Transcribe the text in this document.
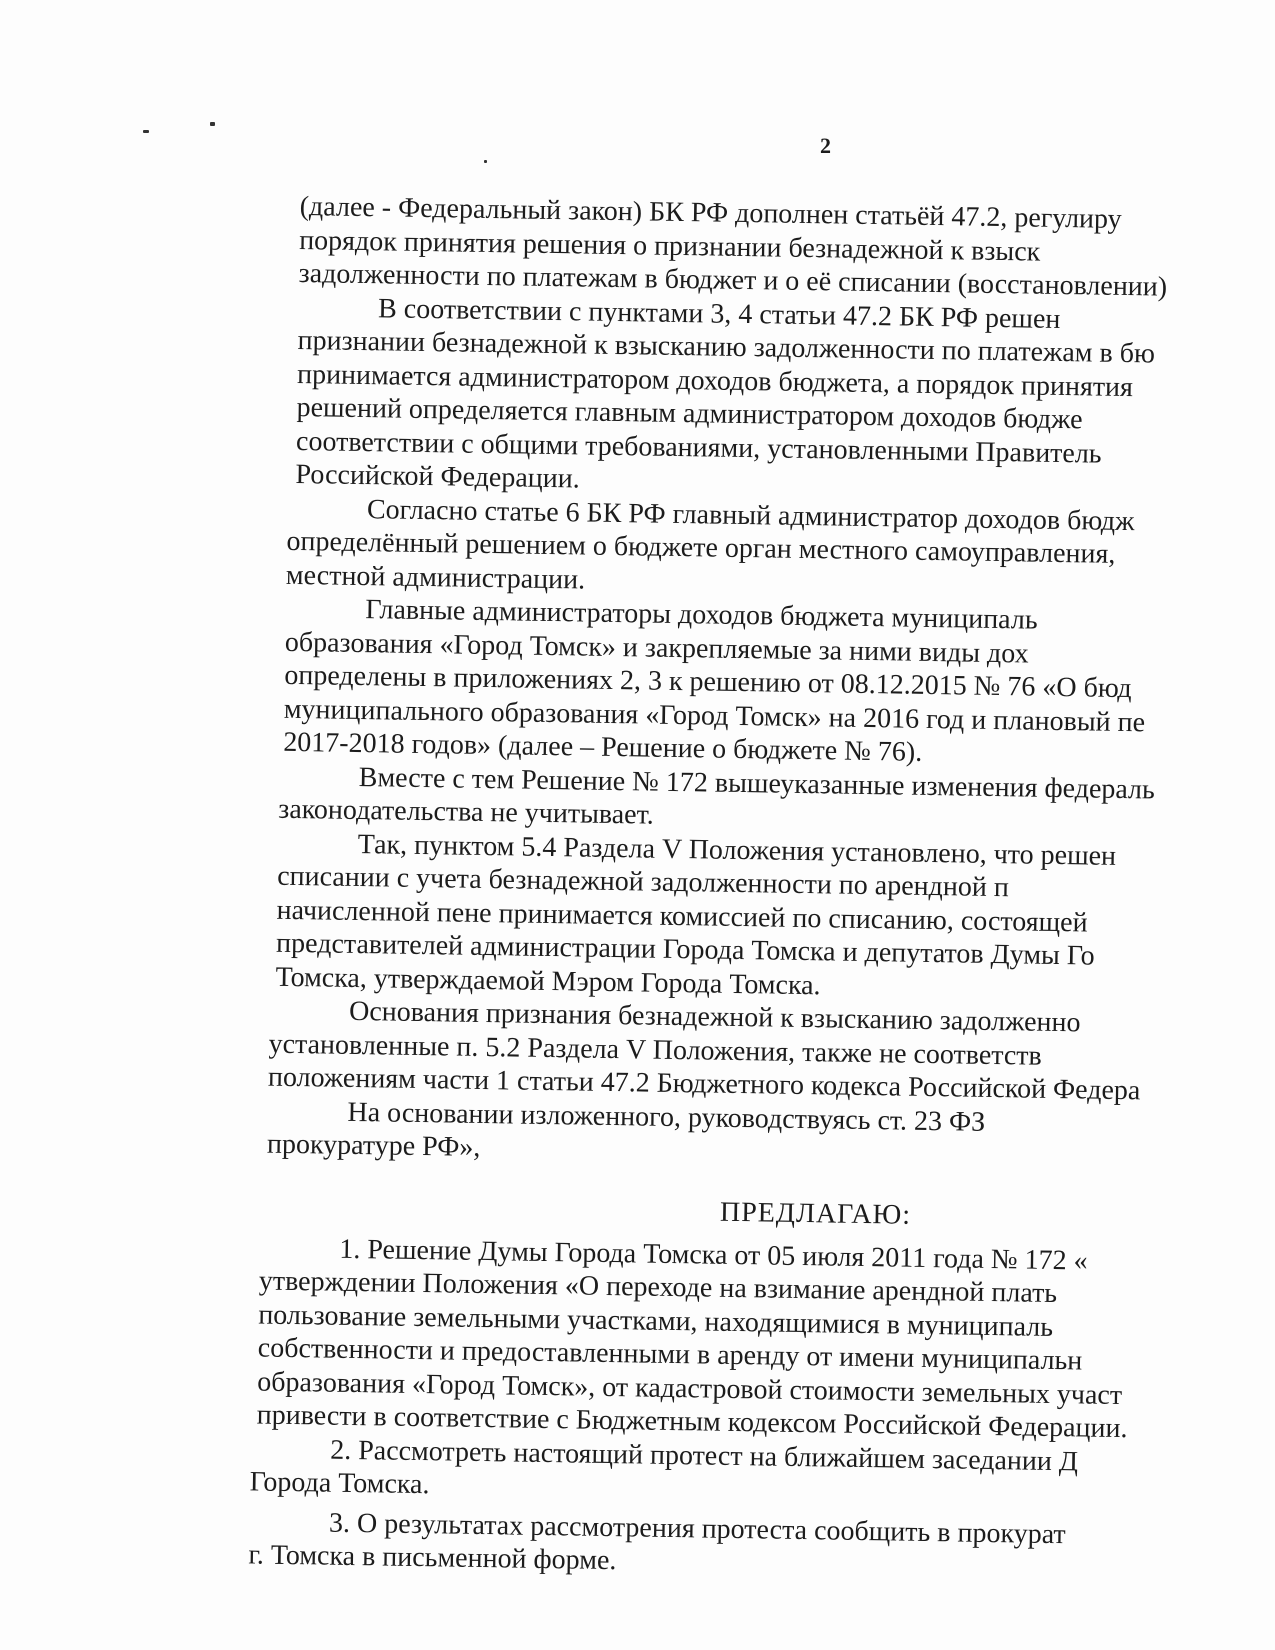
2
(далее - Федеральный закон) БК РФ дополнен статьёй 47.2, регулиру
порядок принятия решения о признании безнадежной к взыск
задолженности по платежам в бюджет и о её списании (восстановлении)
В соответствии с пунктами 3, 4 статьи 47.2 БК РФ решен
признании безнадежной к взысканию задолженности по платежам в бю
принимается администратором доходов бюджета, а порядок принятия
решений определяется главным администратором доходов бюдже
соответствии с общими требованиями, установленными Правитель
Российской Федерации.
Согласно статье 6 БК РФ главный администратор доходов бюдж
определённый решением о бюджете орган местного самоуправления,
местной администрации.
Главные администраторы доходов бюджета муниципаль
образования «Город Томск» и закрепляемые за ними виды дох
определены в приложениях 2, 3 к решению от 08.12.2015 № 76 «О бюд
муниципального образования «Город Томск» на 2016 год и плановый пе
2017-2018 годов» (далее – Решение о бюджете № 76).
Вместе с тем Решение № 172 вышеуказанные изменения федераль
законодательства не учитывает.
Так, пунктом 5.4 Раздела V Положения установлено, что решен
списании с учета безнадежной задолженности по арендной п
начисленной пене принимается комиссией по списанию, состоящей
представителей администрации Города Томска и депутатов Думы Го
Томска, утверждаемой Мэром Города Томска.
Основания признания безнадежной к взысканию задолженно
установленные п. 5.2 Раздела V Положения, также не соответств
положениям части 1 статьи 47.2 Бюджетного кодекса Российской Федера
На основании изложенного, руководствуясь ст. 23 ФЗ
прокуратуре РФ»,
ПРЕДЛАГАЮ:
1. Решение Думы Города Томска от 05 июля 2011 года № 172 «
утверждении Положения «О переходе на взимание арендной плать
пользование земельными участками, находящимися в муниципаль
собственности и предоставленными в аренду от имени муниципальн
образования «Город Томск», от кадастровой стоимости земельных участ
привести в соответствие с Бюджетным кодексом Российской Федерации.
2. Рассмотреть настоящий протест на ближайшем заседании Д
Города Томска.
3. О результатах рассмотрения протеста сообщить в прокурат
г. Томска в письменной форме.
